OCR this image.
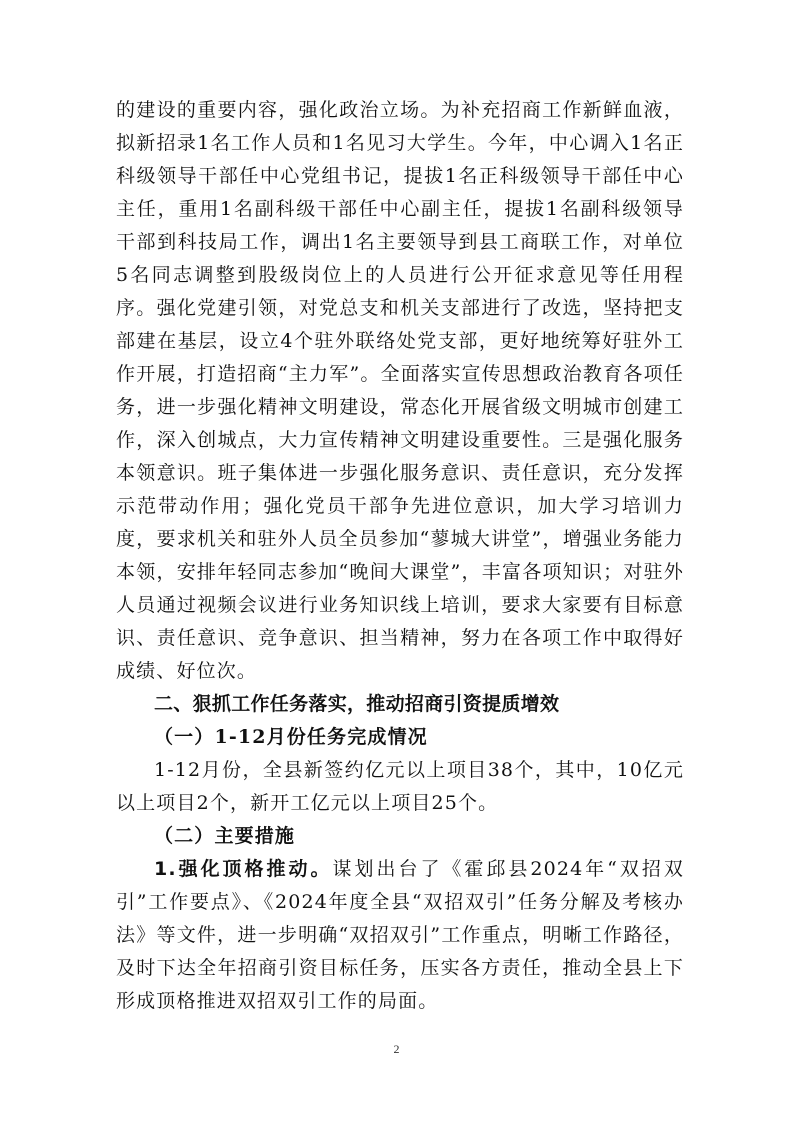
的建设的重要内容，强化政治立场。为补充招商工作新鲜血液，拟新招录1名工作人员和1名见习大学生。今年，中心调入1名正科级领导干部任中心党组书记，提拔1名正科级领导干部任中心主任，重用1名副科级干部任中心副主任，提拔1名副科级领导干部到科技局工作，调出1名主要领导到县工商联工作，对单位5名同志调整到股级岗位上的人员进行公开征求意见等任用程序。强化党建引领，对党总支和机关支部进行了改选，坚持把支部建在基层，设立4个驻外联络处党支部，更好地统筹好驻外工作开展，打造招商“主力军”。全面落实宣传思想政治教育各项任务，进一步强化精神文明建设，常态化开展省级文明城市创建工作，深入创城点，大力宣传精神文明建设重要性。三是强化服务本领意识。班子集体进一步强化服务意识、责任意识，充分发挥示范带动作用；强化党员干部争先进位意识，加大学习培训力度，要求机关和驻外人员全员参加“蓼城大讲堂”，增强业务能力本领，安排年轻同志参加“晚间大课堂”，丰富各项知识；对驻外人员通过视频会议进行业务知识线上培训，要求大家要有目标意识、责任意识、竞争意识、担当精神，努力在各项工作中取得好成绩、好位次。

二、狠抓工作任务落实，推动招商引资提质增效

（一）1-12月份任务完成情况

1-12月份，全县新签约亿元以上项目38个，其中，10亿元以上项目2个，新开工亿元以上项目25个。

（二）主要措施

1.强化顶格推动。谋划出台了《霍邱县2024年“双招双引”工作要点》、《2024年度全县“双招双引”任务分解及考核办法》等文件，进一步明确“双招双引”工作重点，明晰工作路径，及时下达全年招商引资目标任务，压实各方责任，推动全县上下形成顶格推进双招双引工作的局面。

2
